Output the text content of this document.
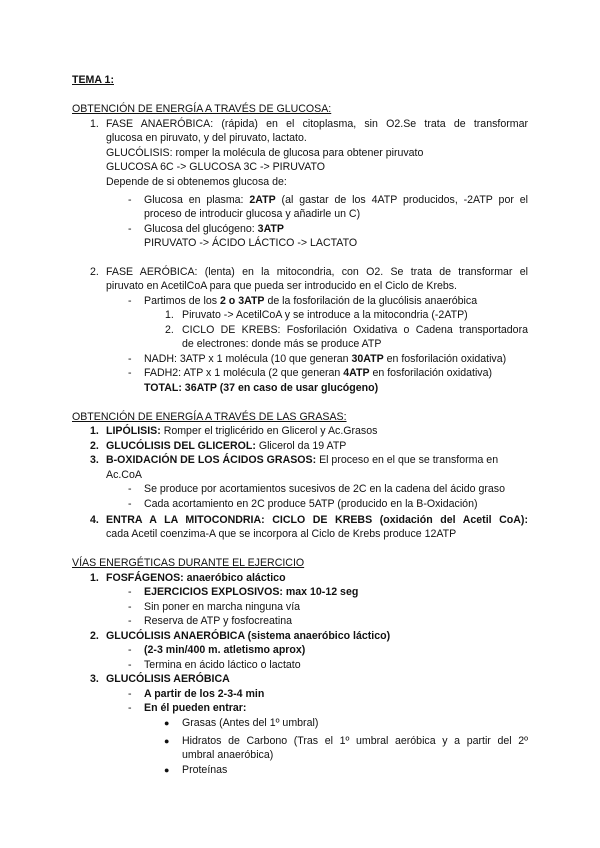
TEMA 1:
OBTENCIÓN DE ENERGÍA A TRAVÉS DE GLUCOSA:
1. FASE ANAERÓBICA: (rápida) en el citoplasma, sin O2.Se trata de transformar
glucosa en piruvato, y del piruvato, lactato.
GLUCÓLISIS: romper la molécula de glucosa para obtener piruvato
GLUCOSA 6C -> GLUCOSA 3C -> PIRUVATO
Depende de si obtenemos glucosa de:
- Glucosa en plasma: 2ATP (al gastar de los 4ATP producidos, -2ATP por el
proceso de introducir glucosa y añadirle un C)
- Glucosa del glucógeno: 3ATP
PIRUVATO -> ÁCIDO LÁCTICO -> LACTATO
2. FASE AERÓBICA: (lenta) en la mitocondria, con O2. Se trata de transformar el
piruvato en AcetilCoA para que pueda ser introducido en el Ciclo de Krebs.
- Partimos de los 2 o 3ATP de la fosforilación de la glucólisis anaeróbica
1. Piruvato -> AcetilCoA y se introduce a la mitocondria (-2ATP)
2. CICLO DE KREBS: Fosforilación Oxidativa o Cadena transportadora
de electrones: donde más se produce ATP
- NADH: 3ATP x 1 molécula (10 que generan 30ATP en fosforilación oxidativa)
- FADH2: ATP x 1 molécula (2 que generan 4ATP en fosforilación oxidativa)
TOTAL: 36ATP (37 en caso de usar glucógeno)
OBTENCIÓN DE ENERGÍA A TRAVÉS DE LAS GRASAS:
1. LIPÓLISIS: Romper el triglicérido en Glicerol y Ac.Grasos
2. GLUCÓLISIS DEL GLICEROL: Glicerol da 19 ATP
3. B-OXIDACIÓN DE LOS ÁCIDOS GRASOS: El proceso en el que se transforma en
Ac.CoA
- Se produce por acortamientos sucesivos de 2C en la cadena del ácido graso
- Cada acortamiento en 2C produce 5ATP (producido en la B-Oxidación)
4. ENTRA A LA MITOCONDRIA: CICLO DE KREBS (oxidación del Acetil CoA):
cada Acetil coenzima-A que se incorpora al Ciclo de Krebs produce 12ATP
VÍAS ENERGÉTICAS DURANTE EL EJERCICIO
1. FOSFÁGENOS: anaeróbico aláctico
- EJERCICIOS EXPLOSIVOS: max 10-12 seg
- Sin poner en marcha ninguna vía
- Reserva de ATP y fosfocreatina
2. GLUCÓLISIS ANAERÓBICA (sistema anaeróbico láctico)
- (2-3 min/400 m. atletismo aprox)
- Termina en ácido láctico o lactato
3. GLUCÓLISIS AERÓBICA
- A partir de los 2-3-4 min
- En él pueden entrar:
● Grasas (Antes del 1º umbral)
● Hidratos de Carbono (Tras el 1º umbral aeróbica y a partir del 2º
umbral anaeróbica)
● Proteínas
